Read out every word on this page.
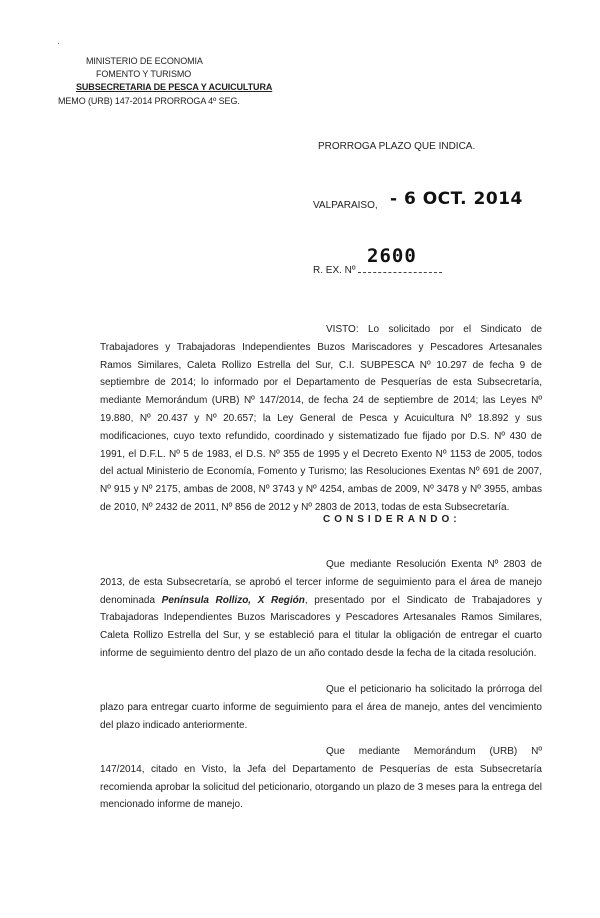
·
MINISTERIO DE ECONOMIA
FOMENTO Y TURISMO
SUBSECRETARIA DE PESCA Y ACUICULTURA
MEMO (URB) 147-2014 PRORROGA 4º SEG.
PRORROGA PLAZO QUE INDICA.
VALPARAISO, - 6 OCT. 2014
R. EX. Nº
2600
VISTO: Lo solicitado por el Sindicato de Trabajadores y Trabajadoras Independientes Buzos Mariscadores y Pescadores Artesanales Ramos Similares, Caleta Rollizo Estrella del Sur, C.I. SUBPESCA Nº 10.297 de fecha 9 de septiembre de 2014; lo informado por el Departamento de Pesquerías de esta Subsecretaría, mediante Memorándum (URB) Nº 147/2014, de fecha 24 de septiembre de 2014; las Leyes Nº 19.880, Nº 20.437 y Nº 20.657; la Ley General de Pesca y Acuicultura Nº 18.892 y sus modificaciones, cuyo texto refundido, coordinado y sistematizado fue fijado por D.S. Nº 430 de 1991, el D.F.L. Nº 5 de 1983, el D.S. Nº 355 de 1995 y el Decreto Exento Nº 1153 de 2005, todos del actual Ministerio de Economía, Fomento y Turismo; las Resoluciones Exentas Nº 691 de 2007, Nº 915 y Nº 2175, ambas de 2008, Nº 3743 y Nº 4254, ambas de 2009, Nº 3478 y Nº 3955, ambas de 2010, Nº 2432 de 2011, Nº 856 de 2012 y Nº 2803 de 2013, todas de esta Subsecretaría.
CONSIDERANDO:
Que mediante Resolución Exenta Nº 2803 de 2013, de esta Subsecretaría, se aprobó el tercer informe de seguimiento para el área de manejo denominada Península Rollizo, X Región, presentado por el Sindicato de Trabajadores y Trabajadoras Independientes Buzos Mariscadores y Pescadores Artesanales Ramos Similares, Caleta Rollizo Estrella del Sur, y se estableció para el titular la obligación de entregar el cuarto informe de seguimiento dentro del plazo de un año contado desde la fecha de la citada resolución.
Que el peticionario ha solicitado la prórroga del plazo para entregar cuarto informe de seguimiento para el área de manejo, antes del vencimiento del plazo indicado anteriormente.
Que mediante Memorándum (URB) Nº 147/2014, citado en Visto, la Jefa del Departamento de Pesquerías de esta Subsecretaría recomienda aprobar la solicitud del peticionario, otorgando un plazo de 3 meses para la entrega del mencionado informe de manejo.
